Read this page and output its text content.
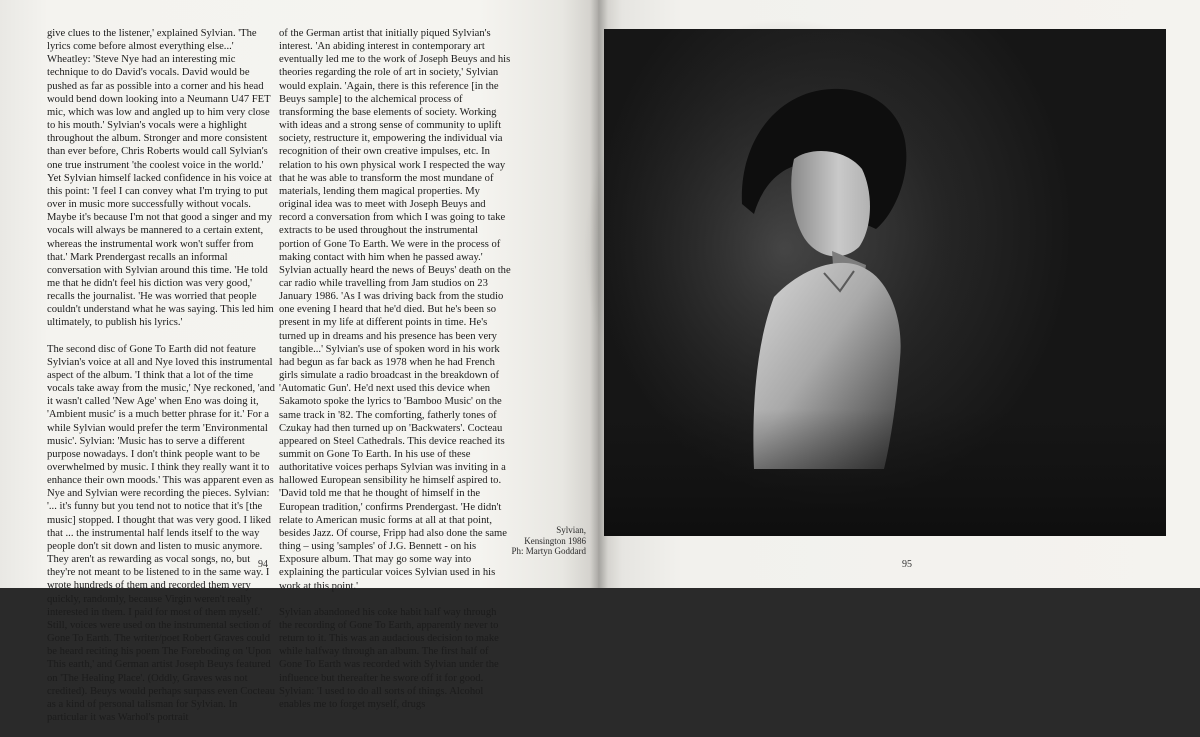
give clues to the listener,' explained Sylvian. 'The lyrics come before almost everything else...' Wheatley: 'Steve Nye had an interesting mic technique to do David's vocals. David would be pushed as far as possible into a corner and his head would bend down looking into a Neumann U47 FET mic, which was low and angled up to him very close to his mouth.' Sylvian's vocals were a highlight throughout the album. Stronger and more consistent than ever before, Chris Roberts would call Sylvian's one true instrument 'the coolest voice in the world.' Yet Sylvian himself lacked confidence in his voice at this point: 'I feel I can convey what I'm trying to put over in music more successfully without vocals. Maybe it's because I'm not that good a singer and my vocals will always be mannered to a certain extent, whereas the instrumental work won't suffer from that.' Mark Prendergast recalls an informal conversation with Sylvian around this time. 'He told me that he didn't feel his diction was very good,' recalls the journalist. 'He was worried that people couldn't understand what he was saying. This led him ultimately, to publish his lyrics.'

The second disc of Gone To Earth did not feature Sylvian's voice at all and Nye loved this instrumental aspect of the album. 'I think that a lot of the time vocals take away from the music,' Nye reckoned, 'and it wasn't called 'New Age' when Eno was doing it, 'Ambient music' is a much better phrase for it.' For a while Sylvian would prefer the term 'Environmental music'. Sylvian: 'Music has to serve a different purpose nowadays. I don't think people want to be overwhelmed by music. I think they really want it to enhance their own moods.' This was apparent even as Nye and Sylvian were recording the pieces. Sylvian: '... it's funny but you tend not to notice that it's [the music] stopped. I thought that was very good. I liked that ... the instrumental half lends itself to the way people don't sit down and listen to music anymore. They aren't as rewarding as vocal songs, no, but they're not meant to be listened to in the same way. I wrote hundreds of them and recorded them very quickly, randomly, because Virgin weren't really interested in them. I paid for most of them myself.' Still, voices were used on the instrumental section of Gone To Earth. The writer/poet Robert Graves could be heard reciting his poem The Foreboding on 'Upon This earth,' and German artist Joseph Beuys featured on 'The Healing Place'. (Oddly, Graves was not credited). Beuys would perhaps surpass even Cocteau as a kind of personal talisman for Sylvian. In particular it was Warhol's portrait

of the German artist that initially piqued Sylvian's interest. 'An abiding interest in contemporary art eventually led me to the work of Joseph Beuys and his theories regarding the role of art in society,' Sylvian would explain. 'Again, there is this reference [in the Beuys sample] to the alchemical process of transforming the base elements of society. Working with ideas and a strong sense of community to uplift society, restructure it, empowering the individual via recognition of their own creative impulses, etc. In relation to his own physical work I respected the way that he was able to transform the most mundane of materials, lending them magical properties. My original idea was to meet with Joseph Beuys and record a conversation from which I was going to take extracts to be used throughout the instrumental portion of Gone To Earth. We were in the process of making contact with him when he passed away.' Sylvian actually heard the news of Beuys' death on the car radio while travelling from Jam studios on 23 January 1986. 'As I was driving back from the studio one evening I heard that he'd died. But he's been so present in my life at different points in time. He's turned up in dreams and his presence has been very tangible...' Sylvian's use of spoken word in his work had begun as far back as 1978 when he had French girls simulate a radio broadcast in the breakdown of 'Automatic Gun'. He'd next used this device when Sakamoto spoke the lyrics to 'Bamboo Music' on the same track in '82. The comforting, fatherly tones of Czukay had then turned up on 'Backwaters'. Cocteau appeared on Steel Cathedrals. This device reached its summit on Gone To Earth. In his use of these authoritative voices perhaps Sylvian was inviting in a hallowed European sensibility he himself aspired to. 'David told me that he thought of himself in the European tradition,' confirms Prendergast. 'He didn't relate to American music forms at all at that point, besides Jazz. Of course, Fripp had also done the same thing – using 'samples' of J.G. Bennett - on his Exposure album. That may go some way into explaining the particular voices Sylvian used in his work at this point.'

Sylvian abandoned his coke habit half way through the recording of Gone To Earth, apparently never to return to it. This was an audacious decision to make while halfway through an album. The first half of Gone To Earth was recorded with Sylvian under the influence but thereafter he swore off it for good. Sylvian: 'I used to do all sorts of things. Alcohol enables me to forget myself, drugs

Sylvian,
Kensington 1986
Ph: Martyn Goddard
94	95
